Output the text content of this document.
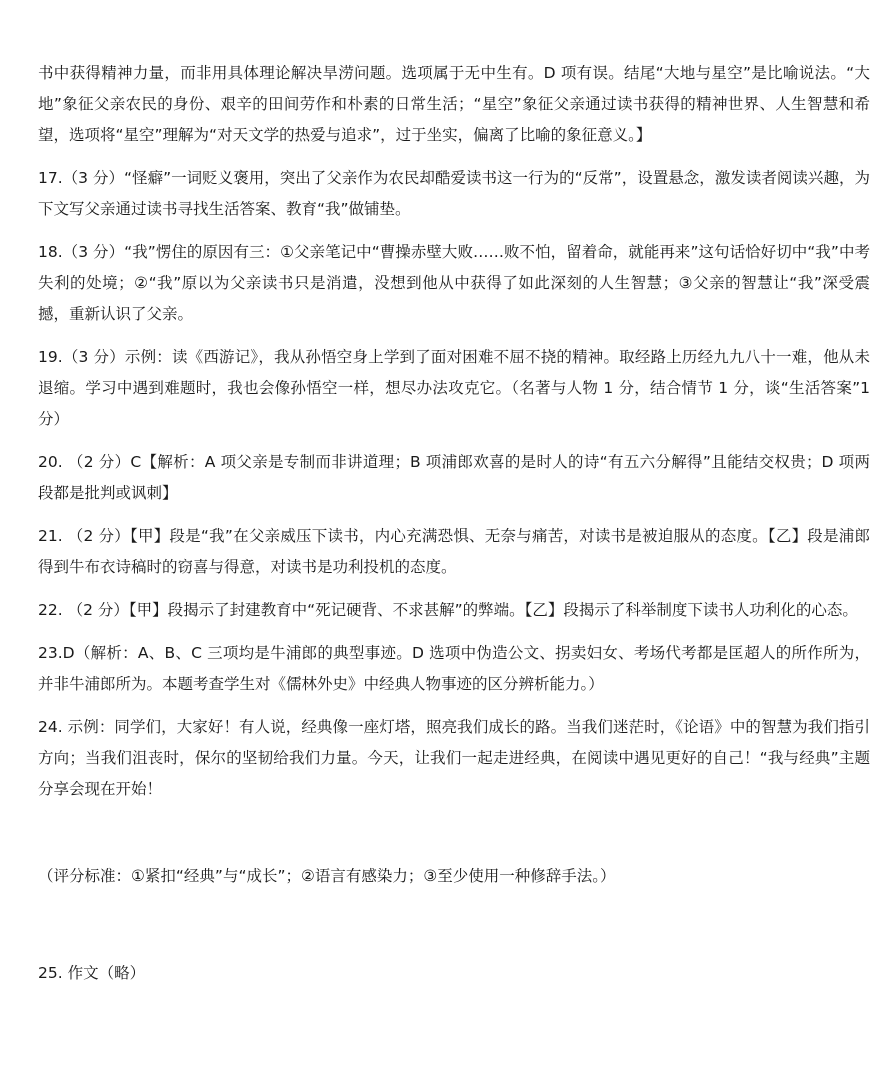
书中获得精神力量，而非用具体理论解决旱涝问题。选项属于无中生有。D 项有误。结尾“大地与星空”是比喻说法。“大地”象征父亲农民的身份、艰辛的田间劳作和朴素的日常生活；“星空”象征父亲通过读书获得的精神世界、人生智慧和希望，选项将“星空”理解为“对天文学的热爱与追求”，过于坐实，偏离了比喻的象征意义。】

17.（3 分）“怪癖”一词贬义褒用，突出了父亲作为农民却酷爱读书这一行为的“反常”，设置悬念，激发读者阅读兴趣，为下文写父亲通过读书寻找生活答案、教育“我”做铺垫。

18.（3 分）“我”愣住的原因有三：①父亲笔记中“曹操赤壁大败……败不怕，留着命，就能再来”这句话恰好切中“我”中考失利的处境；②“我”原以为父亲读书只是消遣，没想到他从中获得了如此深刻的人生智慧；③父亲的智慧让“我”深受震撼，重新认识了父亲。

19.（3 分）示例：读《西游记》，我从孙悟空身上学到了面对困难不屈不挠的精神。取经路上历经九九八十一难，他从未退缩。学习中遇到难题时，我也会像孙悟空一样，想尽办法攻克它。（名著与人物 1 分，结合情节 1 分，谈“生活答案”1 分）

20. （2 分）C【解析：A 项父亲是专制而非讲道理；B 项浦郎欢喜的是时人的诗“有五六分解得”且能结交权贵；D 项两段都是批判或讽刺】

21. （2 分）【甲】段是“我”在父亲威压下读书，内心充满恐惧、无奈与痛苦，对读书是被迫服从的态度。【乙】段是浦郎得到牛布衣诗稿时的窃喜与得意，对读书是功利投机的态度。

22. （2 分）【甲】段揭示了封建教育中“死记硬背、不求甚解”的弊端。【乙】段揭示了科举制度下读书人功利化的心态。

23.D（解析：A、B、C 三项均是牛浦郎的典型事迹。D 选项中伪造公文、拐卖妇女、考场代考都是匡超人的所作所为，并非牛浦郎所为。本题考查学生对《儒林外史》中经典人物事迹的区分辨析能力。）

24. 示例：同学们，大家好！有人说，经典像一座灯塔，照亮我们成长的路。当我们迷茫时，《论语》中的智慧为我们指引方向；当我们沮丧时，保尔的坚韧给我们力量。今天，让我们一起走进经典，在阅读中遇见更好的自己！“我与经典”主题分享会现在开始！

（评分标准：①紧扣“经典”与“成长”；②语言有感染力；③至少使用一种修辞手法。）

25. 作文（略）
